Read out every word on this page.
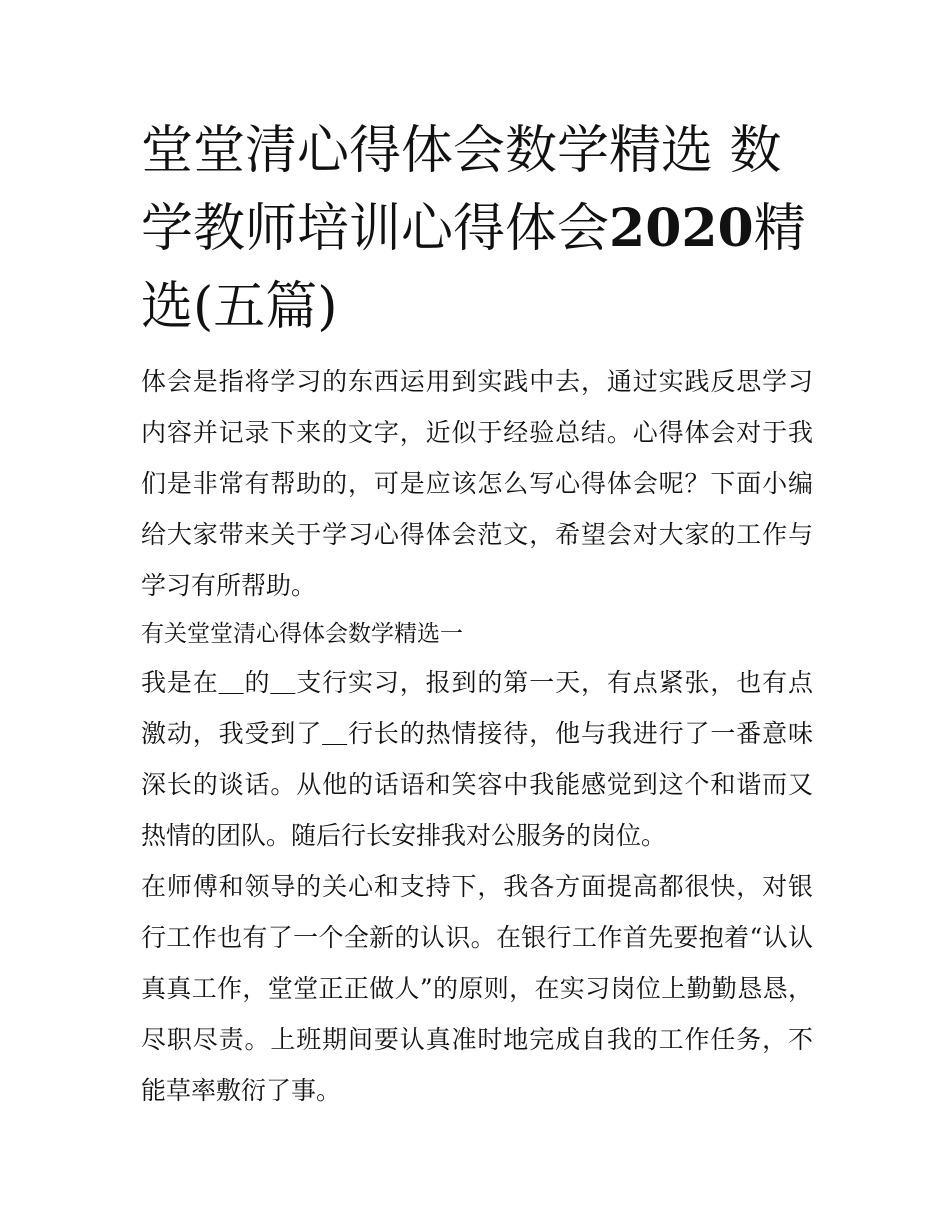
堂堂清心得体会数学精选 数学教师培训心得体会2020精选(五篇)

体会是指将学习的东西运用到实践中去，通过实践反思学习内容并记录下来的文字，近似于经验总结。心得体会对于我们是非常有帮助的，可是应该怎么写心得体会呢？下面小编给大家带来关于学习心得体会范文，希望会对大家的工作与学习有所帮助。

有关堂堂清心得体会数学精选一

我是在＿的＿支行实习，报到的第一天，有点紧张，也有点激动，我受到了＿行长的热情接待，他与我进行了一番意味深长的谈话。从他的话语和笑容中我能感觉到这个和谐而又热情的团队。随后行长安排我对公服务的岗位。

在师傅和领导的关心和支持下，我各方面提高都很快，对银行工作也有了一个全新的认识。在银行工作首先要抱着“认认真真工作，堂堂正正做人”的原则，在实习岗位上勤勤恳恳，尽职尽责。上班期间要认真准时地完成自我的工作任务，不能草率敷衍了事。
